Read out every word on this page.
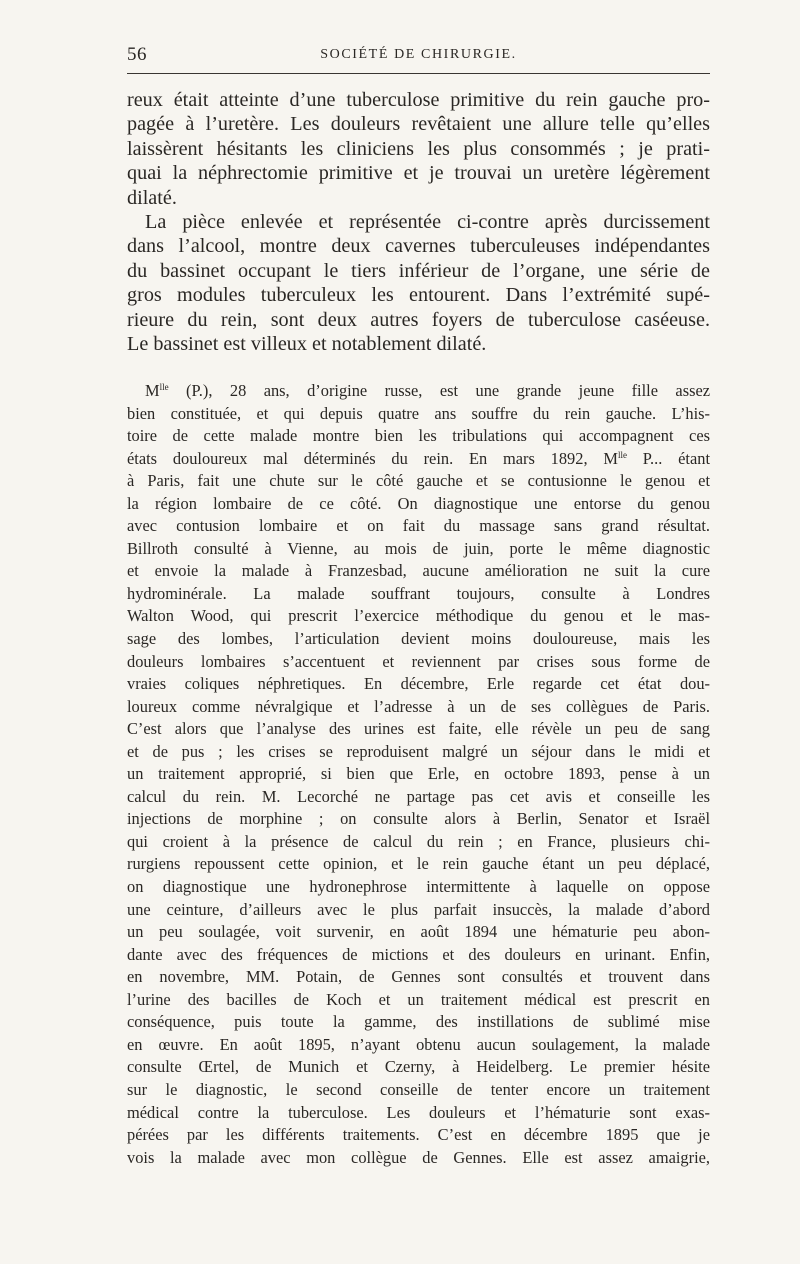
56	SOCIÉTÉ DE CHIRURGIE.

reux était atteinte d’une tuberculose primitive du rein gauche pro-
pagée à l’uretère. Les douleurs revêtaient une allure telle qu’elles
laissèrent hésitants les cliniciens les plus consommés ; je prati-
quai la néphrectomie primitive et je trouvai un uretère légèrement
dilaté.

La pièce enlevée et représentée ci-contre après durcissement
dans l’alcool, montre deux cavernes tuberculeuses indépendantes
du bassinet occupant le tiers inférieur de l’organe, une série de
gros modules tuberculeux les entourent. Dans l’extrémité supé-
rieure du rein, sont deux autres foyers de tuberculose caséeuse.
Le bassinet est villeux et notablement dilaté.

$M^{lle}$ (P.), 28 ans, d’origine russe, est une grande jeune fille assez
bien constituée, et qui depuis quatre ans souffre du rein gauche. L’his-
toire de cette malade montre bien les tribulations qui accompagnent ces
états douloureux mal déterminés du rein. En mars 1892, $M^{lle}$ P... étant
à Paris, fait une chute sur le côté gauche et se contusionne le genou et
la région lombaire de ce côté. On diagnostique une entorse du genou
avec contusion lombaire et on fait du massage sans grand résultat.
Billroth consulté à Vienne, au mois de juin, porte le même diagnostic
et envoie la malade à Franzesbad, aucune amélioration ne suit la cure
hydrominérale. La malade souffrant toujours, consulte à Londres
Walton Wood, qui prescrit l’exercice méthodique du genou et le mas-
sage des lombes, l’articulation devient moins douloureuse, mais les
douleurs lombaires s’accentuent et reviennent par crises sous forme de
vraies coliques néphretiques. En décembre, Erle regarde cet état dou-
loureux comme névralgique et l’adresse à un de ses collègues de Paris.
C’est alors que l’analyse des urines est faite, elle révèle un peu de sang
et de pus ; les crises se reproduisent malgré un séjour dans le midi et
un traitement approprié, si bien que Erle, en octobre 1893, pense à un
calcul du rein. M. Lecorché ne partage pas cet avis et conseille les
injections de morphine ; on consulte alors à Berlin, Senator et Israël
qui croient à la présence de calcul du rein ; en France, plusieurs chi-
rurgiens repoussent cette opinion, et le rein gauche étant un peu déplacé,
on diagnostique une hydronephrose intermittente à laquelle on oppose
une ceinture, d’ailleurs avec le plus parfait insuccès, la malade d’abord
un peu soulagée, voit survenir, en août 1894 une hématurie peu abon-
dante avec des fréquences de mictions et des douleurs en urinant. Enfin,
en novembre, MM. Potain, de Gennes sont consultés et trouvent dans
l’urine des bacilles de Koch et un traitement médical est prescrit en
conséquence, puis toute la gamme, des instillations de sublimé mise
en œuvre. En août 1895, n’ayant obtenu aucun soulagement, la malade
consulte Œrtel, de Munich et Czerny, à Heidelberg. Le premier hésite
sur le diagnostic, le second conseille de tenter encore un traitement
médical contre la tuberculose. Les douleurs et l’hématurie sont exas-
pérées par les différents traitements. C’est en décembre 1895 que je
vois la malade avec mon collègue de Gennes. Elle est assez amaigrie,
